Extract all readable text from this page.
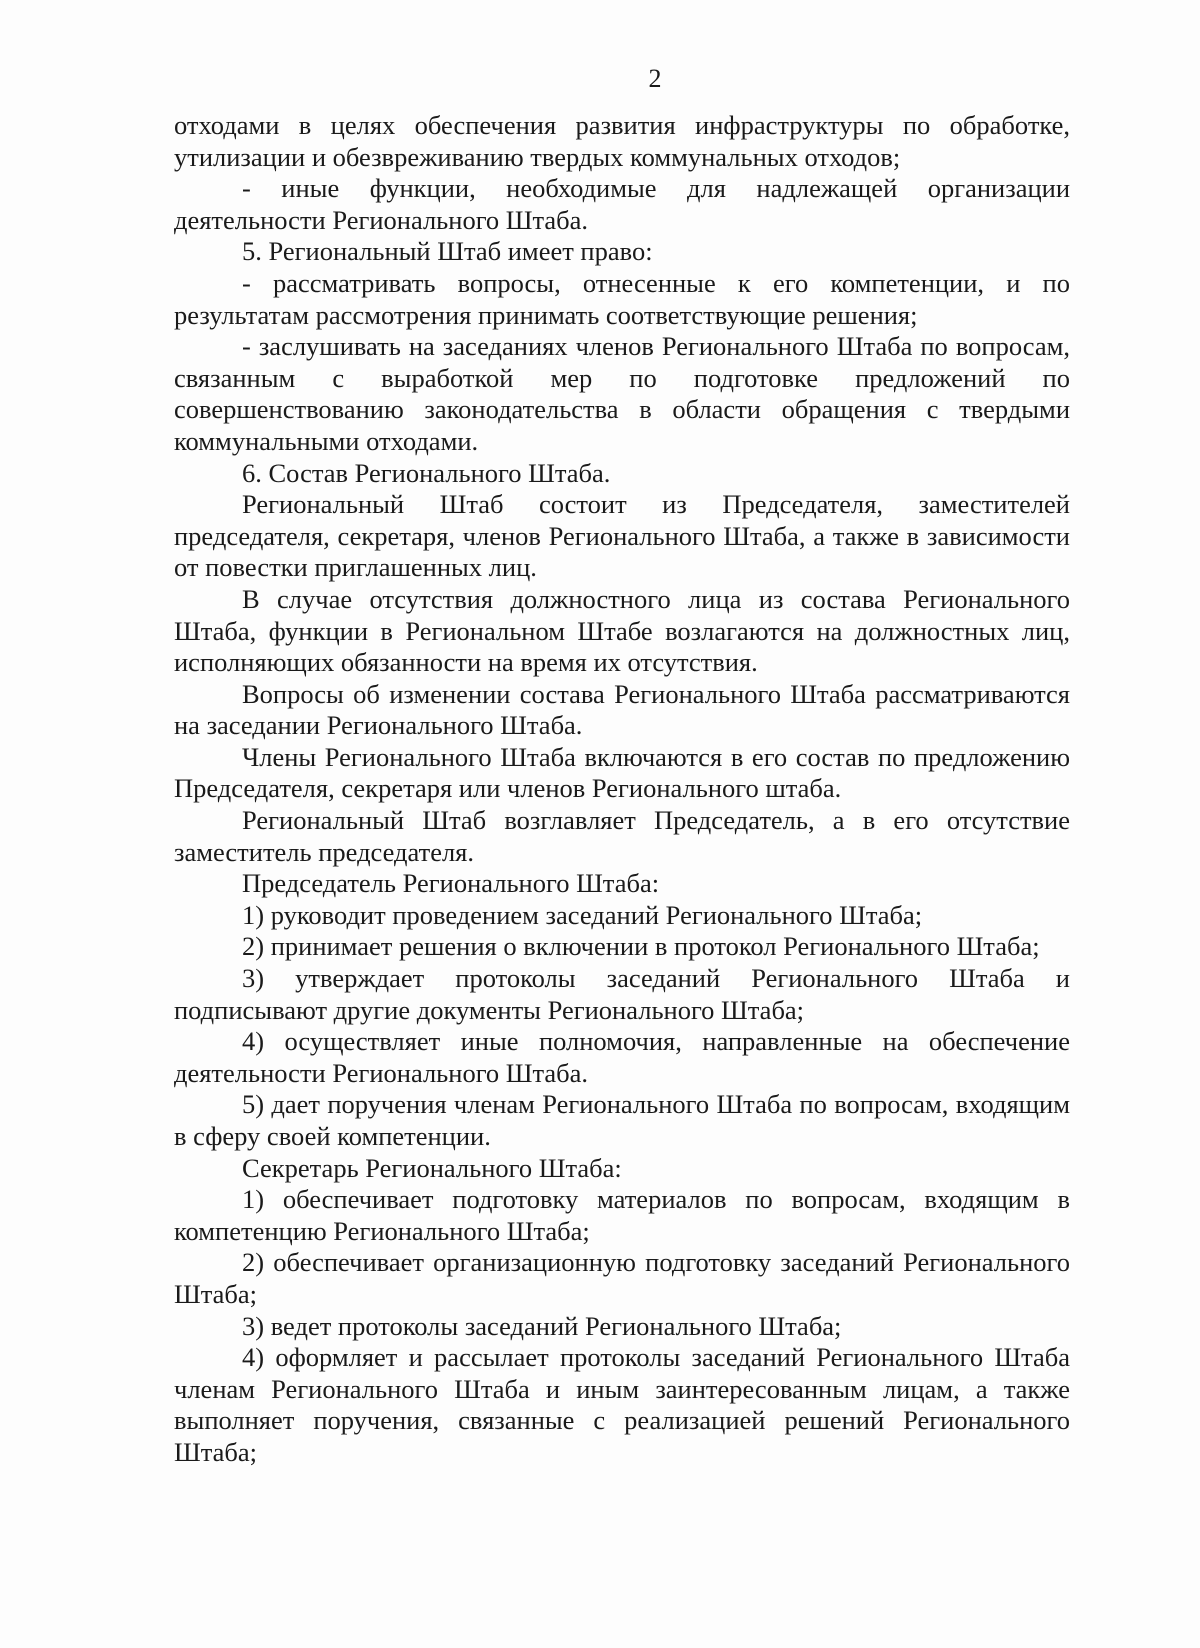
2

отходами в целях обеспечения развития инфраструктуры по обработке, утилизации и обезвреживанию твердых коммунальных отходов;

- иные функции, необходимые для надлежащей организации деятельности Регионального Штаба.

5. Региональный Штаб имеет право:

- рассматривать вопросы, отнесенные к его компетенции, и по результатам рассмотрения принимать соответствующие решения;

- заслушивать на заседаниях членов Регионального Штаба по вопросам, связанным с выработкой мер по подготовке предложений по совершенствованию законодательства в области обращения с твердыми коммунальными отходами.

6. Состав Регионального Штаба.

Региональный Штаб состоит из Председателя, заместителей председателя, секретаря, членов Регионального Штаба, а также в зависимости от повестки приглашенных лиц.

В случае отсутствия должностного лица из состава Регионального Штаба, функции в Региональном Штабе возлагаются на должностных лиц, исполняющих обязанности на время их отсутствия.

Вопросы об изменении состава Регионального Штаба рассматриваются на заседании Регионального Штаба.

Члены Регионального Штаба включаются в его состав по предложению Председателя, секретаря или членов Регионального штаба.

Региональный Штаб возглавляет Председатель, а в его отсутствие заместитель председателя.

Председатель Регионального Штаба:

1) руководит проведением заседаний Регионального Штаба;

2) принимает решения о включении в протокол Регионального Штаба;

3) утверждает протоколы заседаний Регионального Штаба и подписывают другие документы Регионального Штаба;

4) осуществляет иные полномочия, направленные на обеспечение деятельности Регионального Штаба.

5) дает поручения членам Регионального Штаба по вопросам, входящим в сферу своей компетенции.

Секретарь Регионального Штаба:

1) обеспечивает подготовку материалов по вопросам, входящим в компетенцию Регионального Штаба;

2) обеспечивает организационную подготовку заседаний Регионального Штаба;

3) ведет протоколы заседаний Регионального Штаба;

4) оформляет и рассылает протоколы заседаний Регионального Штаба членам Регионального Штаба и иным заинтересованным лицам, а также выполняет поручения, связанные с реализацией решений Регионального Штаба;
